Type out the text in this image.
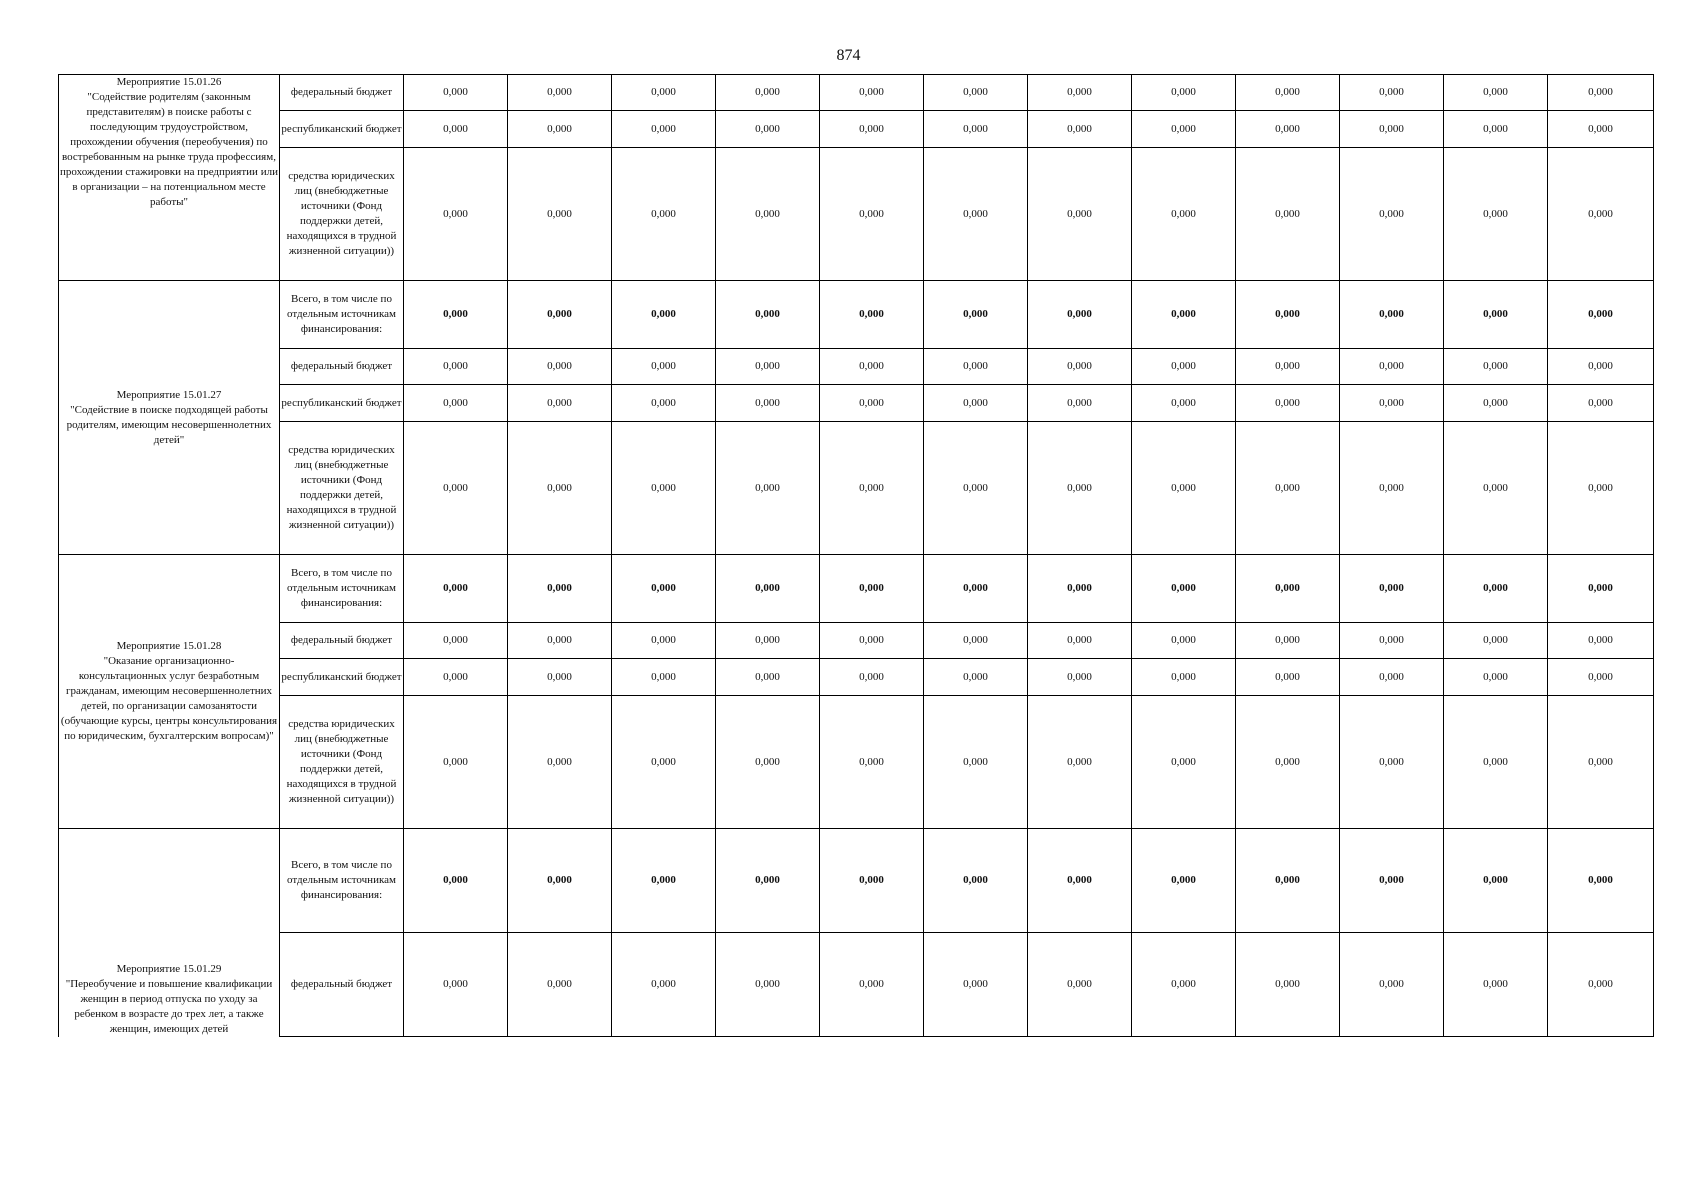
874
Мероприятие 15.01.26
"Содействие родителям (законным представителям) в поиске работы с последующим трудоустройством, прохождении обучения (переобучения) по востребованным на рынке труда профессиям, прохождении стажировки на предприятии или в организации – на потенциальном месте работы"	федеральный бюджет	0,000	0,000	0,000	0,000	0,000	0,000	0,000	0,000	0,000	0,000	0,000	0,000
	республиканский бюджет	0,000	0,000	0,000	0,000	0,000	0,000	0,000	0,000	0,000	0,000	0,000	0,000
	средства юридических лиц (внебюджетные источники (Фонд поддержки детей, находящихся в трудной жизненной ситуации))	0,000	0,000	0,000	0,000	0,000	0,000	0,000	0,000	0,000	0,000	0,000	0,000

Мероприятие 15.01.27
"Содействие в поиске подходящей работы родителям, имеющим несовершеннолетних детей"	Всего, в том числе по отдельным источникам финансирования:	0,000	0,000	0,000	0,000	0,000	0,000	0,000	0,000	0,000	0,000	0,000	0,000
	федеральный бюджет	0,000	0,000	0,000	0,000	0,000	0,000	0,000	0,000	0,000	0,000	0,000	0,000
	республиканский бюджет	0,000	0,000	0,000	0,000	0,000	0,000	0,000	0,000	0,000	0,000	0,000	0,000
	средства юридических лиц (внебюджетные источники (Фонд поддержки детей, находящихся в трудной жизненной ситуации))	0,000	0,000	0,000	0,000	0,000	0,000	0,000	0,000	0,000	0,000	0,000	0,000

Мероприятие 15.01.28
"Оказание организационно-консультационных услуг безработным гражданам, имеющим несовершеннолетних детей, по организации самозанятости (обучающие курсы, центры консультирования по юридическим, бухгалтерским вопросам)"	Всего, в том числе по отдельным источникам финансирования:	0,000	0,000	0,000	0,000	0,000	0,000	0,000	0,000	0,000	0,000	0,000	0,000
	федеральный бюджет	0,000	0,000	0,000	0,000	0,000	0,000	0,000	0,000	0,000	0,000	0,000	0,000
	республиканский бюджет	0,000	0,000	0,000	0,000	0,000	0,000	0,000	0,000	0,000	0,000	0,000	0,000
	средства юридических лиц (внебюджетные источники (Фонд поддержки детей, находящихся в трудной жизненной ситуации))	0,000	0,000	0,000	0,000	0,000	0,000	0,000	0,000	0,000	0,000	0,000	0,000

Мероприятие 15.01.29
"Переобучение и повышение квалификации женщин в период отпуска по уходу за ребенком в возрасте до трех лет, а также женщин, имеющих детей	Всего, в том числе по отдельным источникам финансирования:	0,000	0,000	0,000	0,000	0,000	0,000	0,000	0,000	0,000	0,000	0,000	0,000
	федеральный бюджет	0,000	0,000	0,000	0,000	0,000	0,000	0,000	0,000	0,000	0,000	0,000	0,000
